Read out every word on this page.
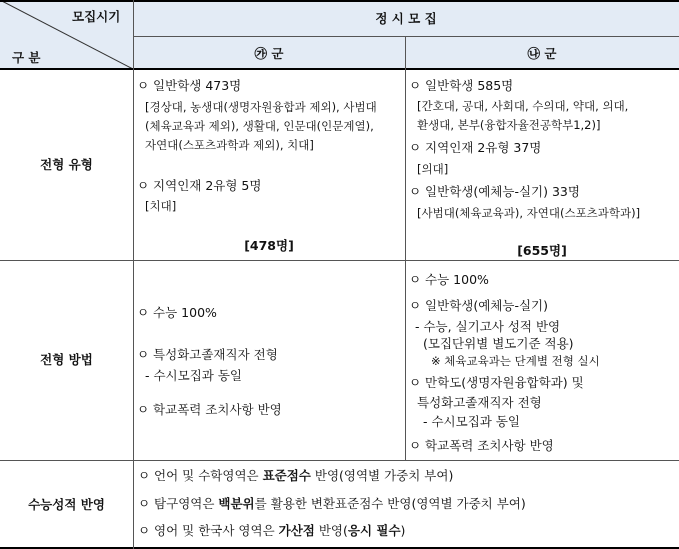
모집시기
구 분
정 시 모 집
㉮ 군	㉯ 군
전형 유형
ㅇ 일반학생 473명
[경상대, 농생대(생명자원융합과 제외), 사범대
(체육교육과 제외), 생활대, 인문대(인문계열),
자연대(스포츠과학과 제외), 치대]
ㅇ 지역인재 2유형 5명
[치대]
[478명]
ㅇ 일반학생 585명
[간호대, 공대, 사회대, 수의대, 약대, 의대,
환생대, 본부(융합자율전공학부1,2)]
ㅇ 지역인재 2유형 37명
[의대]
ㅇ 일반학생(예체능-실기) 33명
[사범대(체육교육과), 자연대(스포츠과학과)]
[655명]
전형 방법
ㅇ 수능 100%
ㅇ 특성화고졸재직자 전형
- 수시모집과 동일
ㅇ 학교폭력 조치사항 반영
ㅇ 수능 100%
ㅇ 일반학생(예체능-실기)
- 수능, 실기고사 성적 반영
(모집단위별 별도기준 적용)
※ 체육교육과는 단계별 전형 실시
ㅇ 만학도(생명자원융합학과) 및
특성화고졸재직자 전형
- 수시모집과 동일
ㅇ 학교폭력 조치사항 반영
수능성적 반영
ㅇ 언어 및 수학영역은 표준점수 반영(영역별 가중치 부여)
ㅇ 탐구영역은 백분위를 활용한 변환표준점수 반영(영역별 가중치 부여)
ㅇ 영어 및 한국사 영역은 가산점 반영(응시 필수)
